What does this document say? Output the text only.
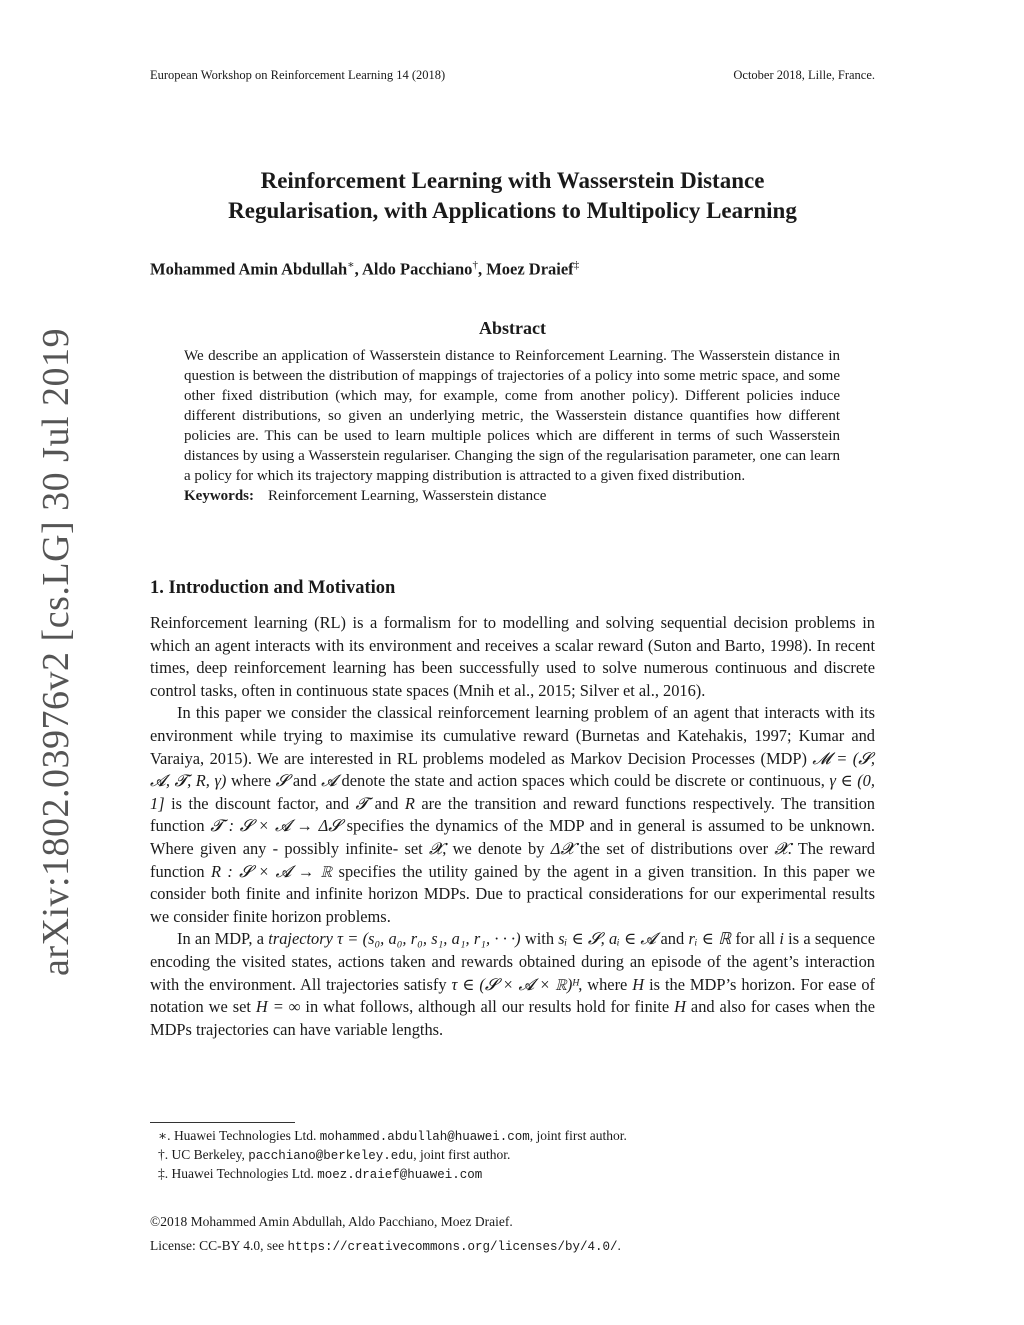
European Workshop on Reinforcement Learning 14 (2018)	October 2018, Lille, France.
arXiv:1802.03976v2 [cs.LG] 30 Jul 2019
Reinforcement Learning with Wasserstein Distance
Regularisation, with Applications to Multipolicy Learning
Mohammed Amin Abdullah∗, Aldo Pacchiano†, Moez Draief‡
Abstract

We describe an application of Wasserstein distance to Reinforcement Learning. The Wasserstein distance in question is between the distribution of mappings of trajectories of a policy into some metric space, and some other fixed distribution (which may, for example, come from another policy). Different policies induce different distributions, so given an underlying metric, the Wasserstein distance quantifies how different policies are. This can be used to learn multiple polices which are different in terms of such Wasserstein distances by using a Wasserstein regulariser. Changing the sign of the regularisation parameter, one can learn a policy for which its trajectory mapping distribution is attracted to a given fixed distribution.

Keywords: Reinforcement Learning, Wasserstein distance

1. Introduction and Motivation

Reinforcement learning (RL) is a formalism for to modelling and solving sequential decision problems in which an agent interacts with its environment and receives a scalar reward (Suton and Barto, 1998). In recent times, deep reinforcement learning has been successfully used to solve numerous continuous and discrete control tasks, often in continuous state spaces (Mnih et al., 2015; Silver et al., 2016).

In this paper we consider the classical reinforcement learning problem of an agent that interacts with its environment while trying to maximise its cumulative reward (Burnetas and Katehakis, 1997; Kumar and Varaiya, 2015). We are interested in RL problems modeled as Markov Decision Processes (MDP) 𝓜 = (𝓢, 𝓐, 𝓣, R, γ) where 𝓢 and 𝓐 denote the state and action spaces which could be discrete or continuous, γ ∈ (0, 1] is the discount factor, and 𝓣 and R are the transition and reward functions respectively. The transition function 𝓣 : 𝓢 × 𝓐 → Δ𝓢 specifies the dynamics of the MDP and in general is assumed to be unknown. Where given any - possibly infinite- set 𝓧, we denote by Δ𝓧 the set of distributions over 𝓧. The reward function R : 𝓢 × 𝓐 → ℝ specifies the utility gained by the agent in a given transition. In this paper we consider both finite and infinite horizon MDPs. Due to practical considerations for our experimental results we consider finite horizon problems.

In an MDP, a trajectory τ = (s₀, a₀, r₀, s₁, a₁, r₁, · · ·) with sᵢ ∈ 𝓢, aᵢ ∈ 𝓐 and rᵢ ∈ ℝ for all i is a sequence encoding the visited states, actions taken and rewards obtained during an episode of the agent’s interaction with the environment. All trajectories satisfy τ ∈ (𝓢 × 𝓐 × ℝ)ᴴ, where H is the MDP’s horizon. For ease of notation we set H = ∞ in what follows, although all our results hold for finite H and also for cases when the MDPs trajectories can have variable lengths.

∗. Huawei Technologies Ltd. mohammed.abdullah@huawei.com, joint first author.
†. UC Berkeley, pacchiano@berkeley.edu, joint first author.
‡. Huawei Technologies Ltd. moez.draief@huawei.com
©2018 Mohammed Amin Abdullah, Aldo Pacchiano, Moez Draief.
License: CC-BY 4.0, see https://creativecommons.org/licenses/by/4.0/.
